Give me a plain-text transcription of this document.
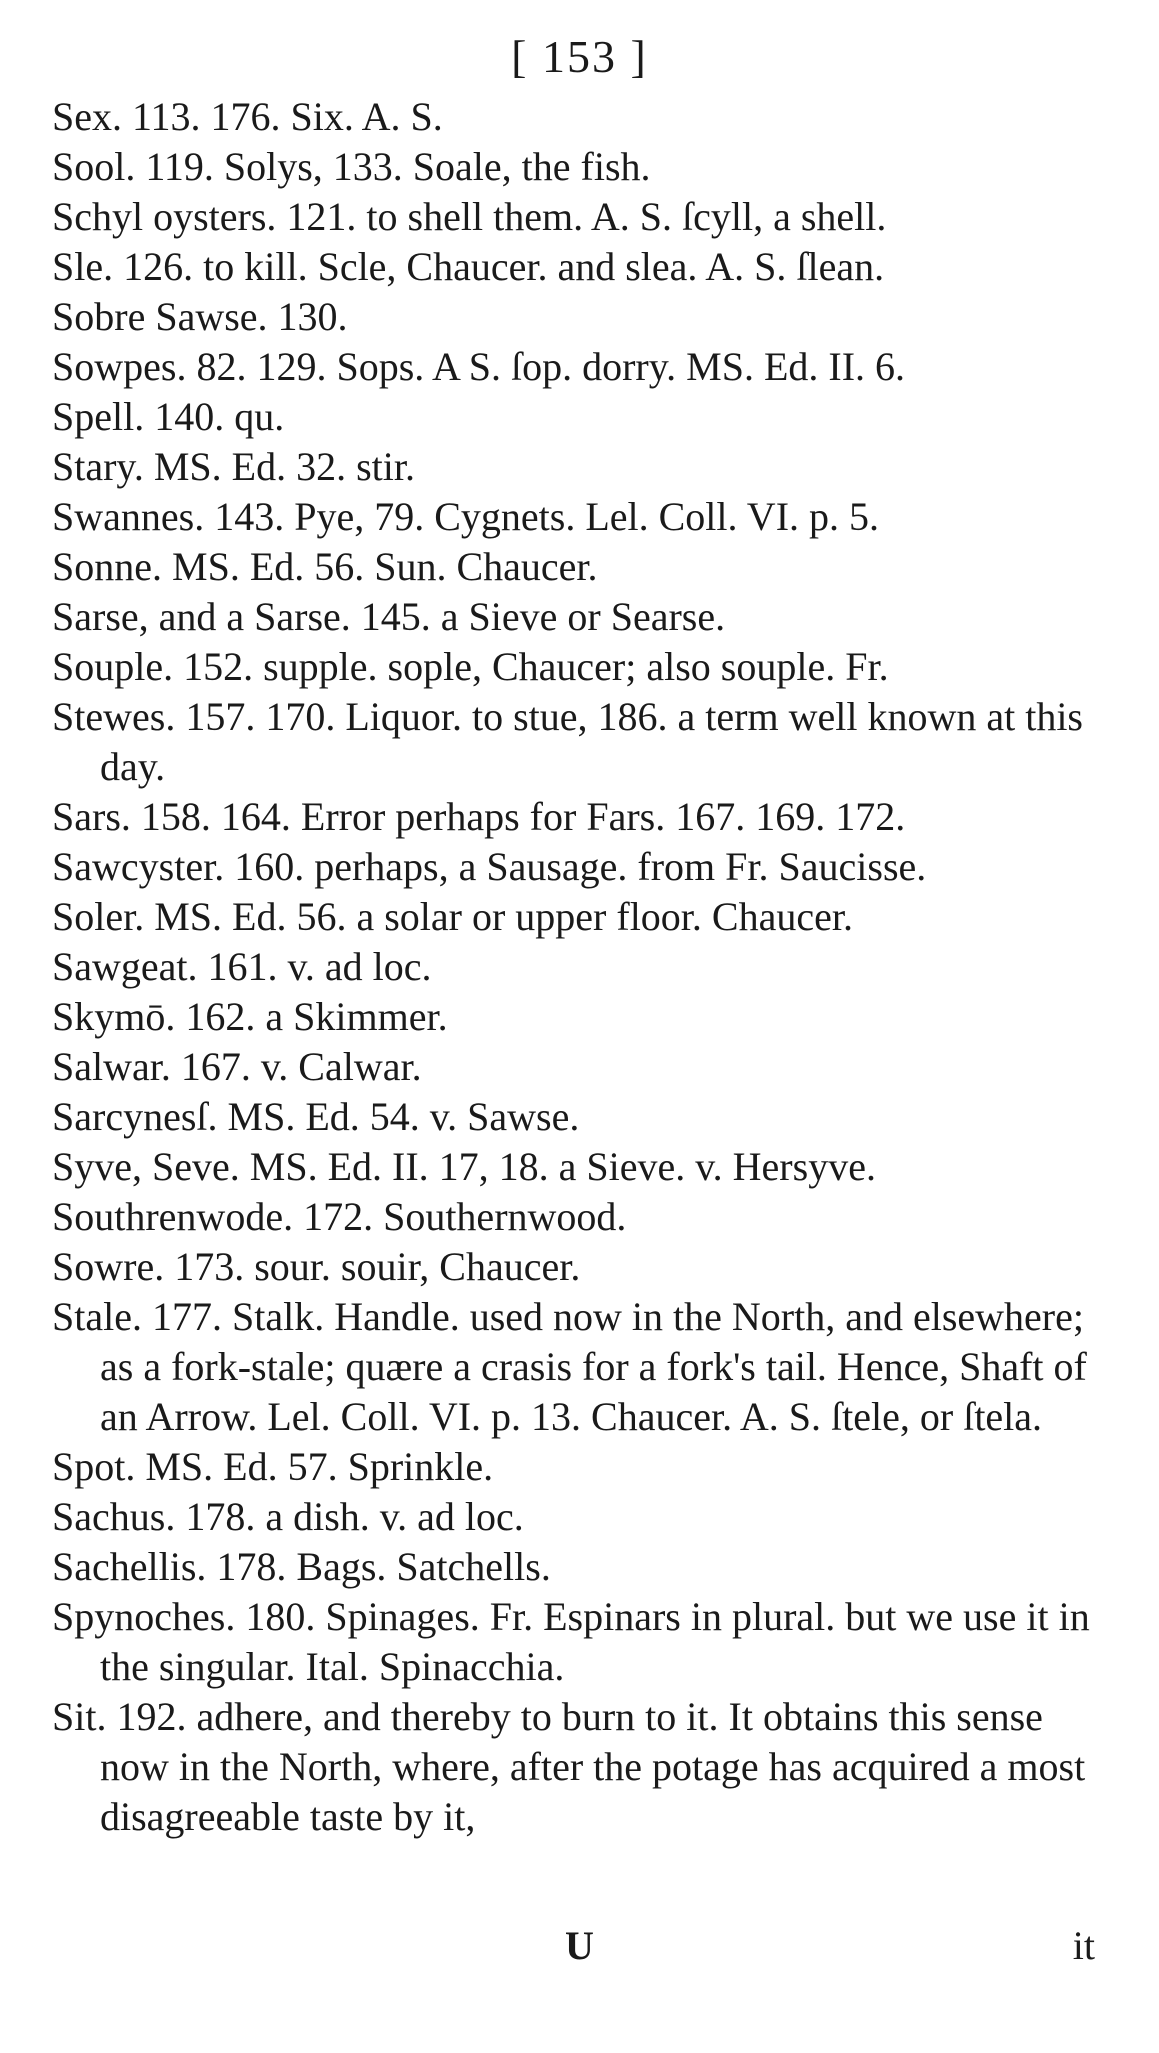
[ 153 ]

Sex. 113. 176. Six. A. S.

Sool. 119. Solys, 133. Soale, the fish.

Schyl oysters. 121. to shell them. A. S. ſcyll, a shell.

Sle. 126. to kill. Scle, Chaucer. and slea. A. S. ſlean.

Sobre Sawse. 130.

Sowpes. 82. 129. Sops. A S. ſop. dorry. MS. Ed. II. 6.

Spell. 140. qu.

Stary. MS. Ed. 32. stir.

Swannes. 143. Pye, 79. Cygnets. Lel. Coll. VI. p. 5.

Sonne. MS. Ed. 56. Sun. Chaucer.

Sarse, and a Sarse. 145. a Sieve or Searse.

Souple. 152. supple. sople, Chaucer; also souple. Fr.

Stewes. 157. 170. Liquor. to stue, 186. a term well known at this day.

Sars. 158. 164. Error perhaps for Fars. 167. 169. 172.

Sawcyster. 160. perhaps, a Sausage. from Fr. Saucisse.

Soler. MS. Ed. 56. a solar or upper floor. Chaucer.

Sawgeat. 161. v. ad loc.

Skymō. 162. a Skimmer.

Salwar. 167. v. Calwar.

Sarcynesſ. MS. Ed. 54. v. Sawse.

Syve, Seve. MS. Ed. II. 17, 18. a Sieve. v. Hersyve.

Southrenwode. 172. Southernwood.

Sowre. 173. sour. souir, Chaucer.

Stale. 177. Stalk. Handle. used now in the North, and elsewhere; as a fork-stale; quære a crasis for a fork's tail. Hence, Shaft of an Arrow. Lel. Coll. VI. p. 13. Chaucer. A. S. ſtele, or ſtela.

Spot. MS. Ed. 57. Sprinkle.

Sachus. 178. a dish. v. ad loc.

Sachellis. 178. Bags. Satchells.

Spynoches. 180. Spinages. Fr. Espinars in plural. but we use it in the singular. Ital. Spinacchia.

Sit. 192. adhere, and thereby to burn to it. It obtains this sense now in the North, where, after the potage has acquired a most disagreeable taste by it,

U	it
